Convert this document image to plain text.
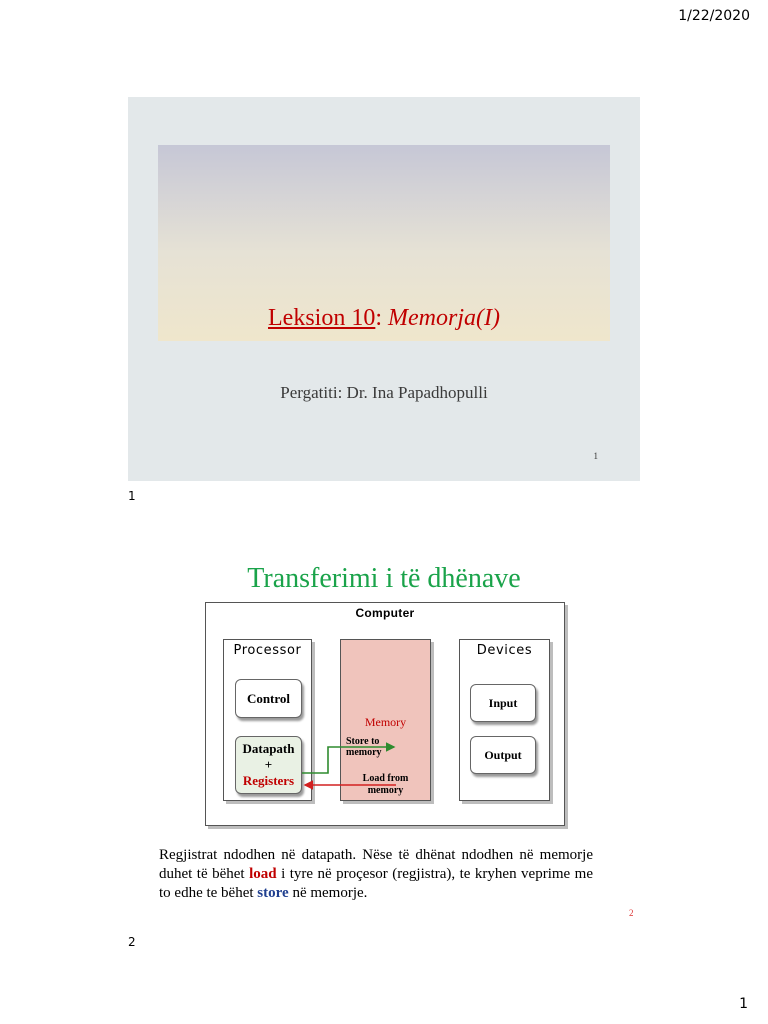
1/22/2020
Leksion 10: Memorja(I)
Pergatiti: Dr. Ina Papadhopulli
1
1
Transferimi i të dhënave
Computer
Processor
Control
Datapath
+
Registers
Memory
Store to
memory
Load from
memory
Devices
Input
Output
Regjistrat ndodhen në datapath. Nëse të dhënat ndodhen në memorje duhet të bëhet load i tyre në proçesor (regjistra), te kryhen veprime me to edhe te bëhet store në memorje.
2
2
1
